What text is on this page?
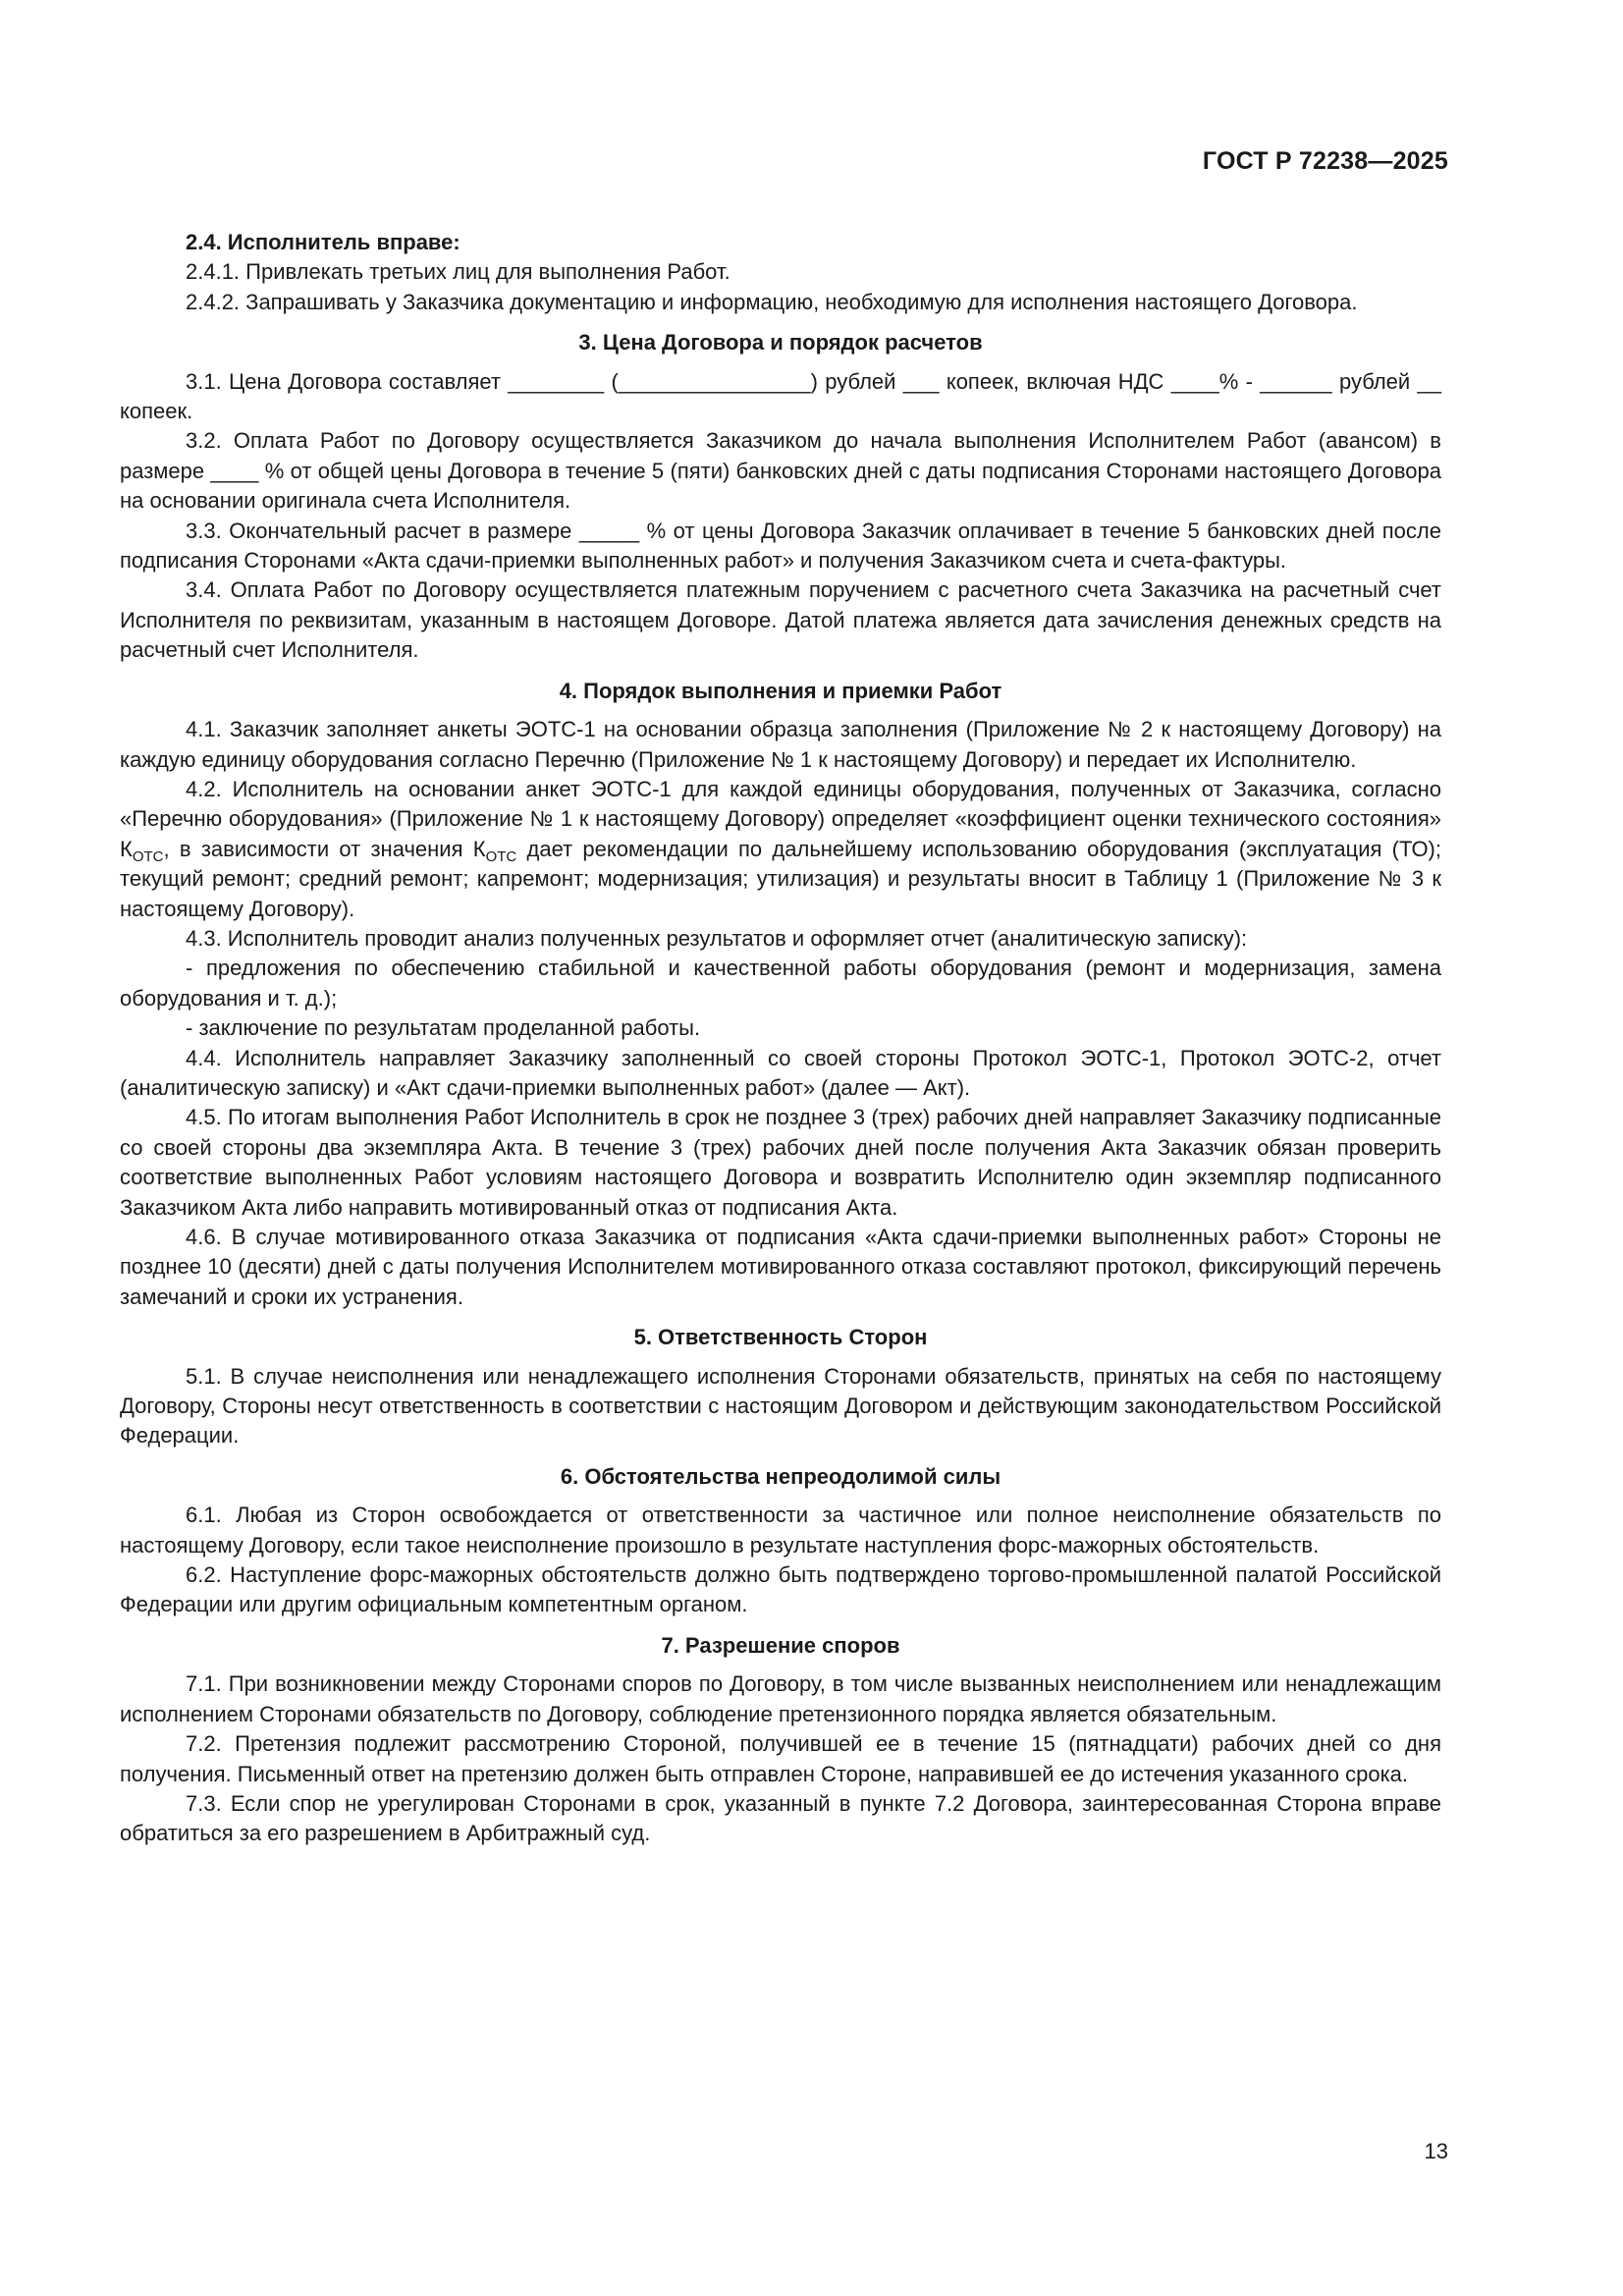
ГОСТ Р 72238—2025

2.4. Исполнитель вправе:

2.4.1. Привлекать третьих лиц для выполнения Работ.

2.4.2. Запрашивать у Заказчика документацию и информацию, необходимую для исполнения настоящего Договора.

3. Цена Договора и порядок расчетов

3.1. Цена Договора составляет ________ (________________) рублей ___ копеек, включая НДС ____% - ______ рублей __ копеек.

3.2. Оплата Работ по Договору осуществляется Заказчиком до начала выполнения Исполнителем Работ (авансом) в размере ____ % от общей цены Договора в течение 5 (пяти) банковских дней с даты подписания Сторонами настоящего Договора на основании оригинала счета Исполнителя.

3.3. Окончательный расчет в размере _____ % от цены Договора Заказчик оплачивает в течение 5 банковских дней после подписания Сторонами «Акта сдачи-приемки выполненных работ» и получения Заказчиком счета и счета-фактуры.

3.4. Оплата Работ по Договору осуществляется платежным поручением с расчетного счета Заказчика на расчетный счет Исполнителя по реквизитам, указанным в настоящем Договоре. Датой платежа является дата зачисления денежных средств на расчетный счет Исполнителя.

4. Порядок выполнения и приемки Работ

4.1. Заказчик заполняет анкеты ЭОТС-1 на основании образца заполнения (Приложение № 2 к настоящему Договору) на каждую единицу оборудования согласно Перечню (Приложение № 1 к настоящему Договору) и передает их Исполнителю.

4.2. Исполнитель на основании анкет ЭОТС-1 для каждой единицы оборудования, полученных от Заказчика, согласно «Перечню оборудования» (Приложение № 1 к настоящему Договору) определяет «коэффициент оценки технического состояния» $К_{ОТС}$, в зависимости от значения $К_{ОТС}$ дает рекомендации по дальнейшему использованию оборудования (эксплуатация (ТО); текущий ремонт; средний ремонт; капремонт; модернизация; утилизация) и результаты вносит в Таблицу 1 (Приложение № 3 к настоящему Договору).

4.3. Исполнитель проводит анализ полученных результатов и оформляет отчет (аналитическую записку):

- предложения по обеспечению стабильной и качественной работы оборудования (ремонт и модернизация, замена оборудования и т. д.);

- заключение по результатам проделанной работы.

4.4. Исполнитель направляет Заказчику заполненный со своей стороны Протокол ЭОТС-1, Протокол ЭОТС-2, отчет (аналитическую записку) и «Акт сдачи-приемки выполненных работ» (далее — Акт).

4.5. По итогам выполнения Работ Исполнитель в срок не позднее 3 (трех) рабочих дней направляет Заказчику подписанные со своей стороны два экземпляра Акта. В течение 3 (трех) рабочих дней после получения Акта Заказчик обязан проверить соответствие выполненных Работ условиям настоящего Договора и возвратить Исполнителю один экземпляр подписанного Заказчиком Акта либо направить мотивированный отказ от подписания Акта.

4.6. В случае мотивированного отказа Заказчика от подписания «Акта сдачи-приемки выполненных работ» Стороны не позднее 10 (десяти) дней с даты получения Исполнителем мотивированного отказа составляют протокол, фиксирующий перечень замечаний и сроки их устранения.

5. Ответственность Сторон

5.1. В случае неисполнения или ненадлежащего исполнения Сторонами обязательств, принятых на себя по настоящему Договору, Стороны несут ответственность в соответствии с настоящим Договором и действующим законодательством Российской Федерации.

6. Обстоятельства непреодолимой силы

6.1. Любая из Сторон освобождается от ответственности за частичное или полное неисполнение обязательств по настоящему Договору, если такое неисполнение произошло в результате наступления форс-мажорных обстоятельств.

6.2. Наступление форс-мажорных обстоятельств должно быть подтверждено торгово-промышленной палатой Российской Федерации или другим официальным компетентным органом.

7. Разрешение споров

7.1. При возникновении между Сторонами споров по Договору, в том числе вызванных неисполнением или ненадлежащим исполнением Сторонами обязательств по Договору, соблюдение претензионного порядка является обязательным.

7.2. Претензия подлежит рассмотрению Стороной, получившей ее в течение 15 (пятнадцати) рабочих дней со дня получения. Письменный ответ на претензию должен быть отправлен Стороне, направившей ее до истечения указанного срока.

7.3. Если спор не урегулирован Сторонами в срок, указанный в пункте 7.2 Договора, заинтересованная Сторона вправе обратиться за его разрешением в Арбитражный суд.

13
